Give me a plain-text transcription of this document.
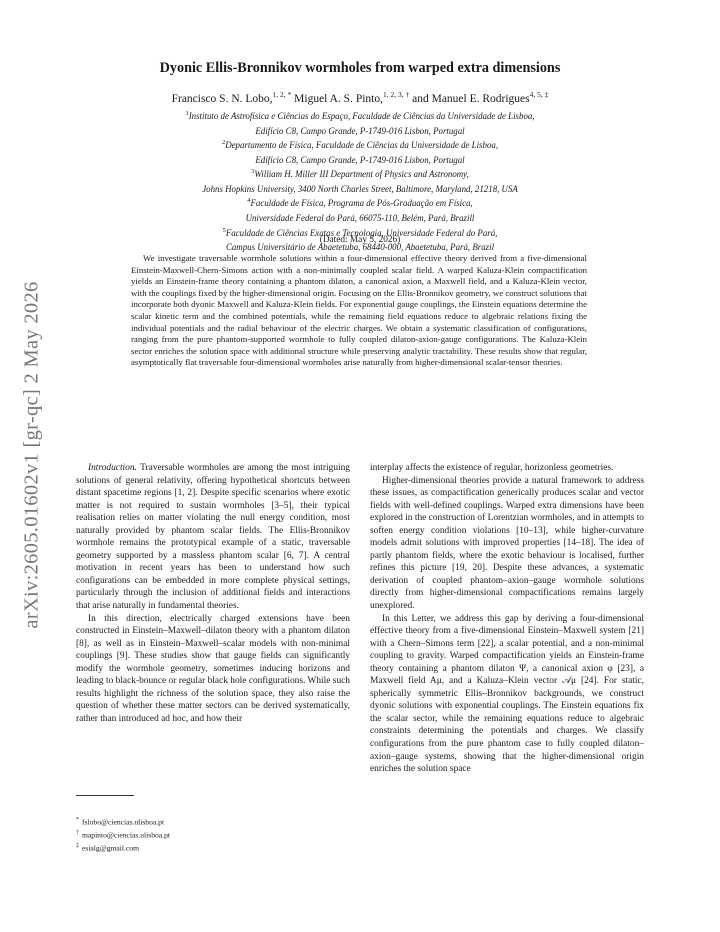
arXiv:2605.01602v1 [gr-qc] 2 May 2026
Dyonic Ellis-Bronnikov wormholes from warped extra dimensions
Francisco S. N. Lobo,$^{1, 2, *}$ Miguel A. S. Pinto,$^{1, 2, 3, \dagger}$ and Manuel E. Rodrigues$^{4, 5, \ddagger}$
$^1$Instituto de Astrofísica e Ciências do Espaço, Faculdade de Ciências da Universidade de Lisboa,
Edifício C8, Campo Grande, P-1749-016 Lisbon, Portugal
$^2$Departamento de Física, Faculdade de Ciências da Universidade de Lisboa,
Edifício C8, Campo Grande, P-1749-016 Lisbon, Portugal
$^3$William H. Miller III Department of Physics and Astronomy,
Johns Hopkins University, 3400 North Charles Street, Baltimore, Maryland, 21218, USA
$^4$Faculdade de Física, Programa de Pós-Graduação em Física,
Universidade Federal do Pará, 66075-110, Belém, Pará, Brazill
$^5$Faculdade de Ciências Exatas e Tecnologia, Universidade Federal do Pará,
Campus Universitário de Abaetetuba, 68440-000, Abaetetuba, Pará, Brazil
(Dated: May 5, 2026)
We investigate traversable wormhole solutions within a four-dimensional effective theory derived from a five-dimensional Einstein-Maxwell-Chern-Simons action with a non-minimally coupled scalar field. A warped Kaluza-Klein compactification yields an Einstein-frame theory containing a phantom dilaton, a canonical axion, a Maxwell field, and a Kaluza-Klein vector, with the couplings fixed by the higher-dimensional origin. Focusing on the Ellis-Bronnikov geometry, we construct solutions that incorporate both dyonic Maxwell and Kaluza-Klein fields. For exponential gauge couplings, the Einstein equations determine the scalar kinetic term and the combined potentials, while the remaining field equations reduce to algebraic relations fixing the individual potentials and the radial behaviour of the electric charges. We obtain a systematic classification of configurations, ranging from the pure phantom-supported wormhole to fully coupled dilaton-axion-gauge configurations. The Kaluza-Klein sector enriches the solution space with additional structure while preserving analytic tractability. These results show that regular, asymptotically flat traversable four-dimensional wormholes arise naturally from higher-dimensional scalar-tensor theories.

Introduction. Traversable wormholes are among the most intriguing solutions of general relativity, offering hypothetical shortcuts between distant spacetime regions [1, 2]. Despite specific scenarios where exotic matter is not required to sustain wormholes [3–5], their typical realisation relies on matter violating the null energy condition, most naturally provided by phantom scalar fields. The Ellis-Bronnikov wormhole remains the prototypical example of a static, traversable geometry supported by a massless phantom scalar [6, 7]. A central motivation in recent years has been to understand how such configurations can be embedded in more complete physical settings, particularly through the inclusion of additional fields and interactions that arise naturally in fundamental theories.

In this direction, electrically charged extensions have been constructed in Einstein–Maxwell–dilaton theory with a phantom dilaton [8], as well as in Einstein–Maxwell–scalar models with non-minimal couplings [9]. These studies show that gauge fields can significantly modify the wormhole geometry, sometimes inducing horizons and leading to black-bounce or regular black hole configurations. While such results highlight the richness of the solution space, they also raise the question of whether these matter sectors can be derived systematically, rather than introduced ad hoc, and how their

interplay affects the existence of regular, horizonless geometries.

Higher-dimensional theories provide a natural framework to address these issues, as compactification generically produces scalar and vector fields with well-defined couplings. Warped extra dimensions have been explored in the construction of Lorentzian wormholes, and in attempts to soften energy condition violations [10–13], while higher-curvature models admit solutions with improved properties [14–18]. The idea of partly phantom fields, where the exotic behaviour is localised, further refines this picture [19, 20]. Despite these advances, a systematic derivation of coupled phantom–axion–gauge wormhole solutions directly from higher-dimensional compactifications remains largely unexplored.

In this Letter, we address this gap by deriving a four-dimensional effective theory from a five-dimensional Einstein–Maxwell system [21] with a Chern–Simons term [22], a scalar potential, and a non-minimal coupling to gravity. Warped compactification yields an Einstein-frame theory containing a phantom dilaton Ψ, a canonical axion φ [23], a Maxwell field Aμ, and a Kaluza–Klein vector 𝒜μ [24]. For static, spherically symmetric Ellis–Bronnikov backgrounds, we construct dyonic solutions with exponential couplings. The Einstein equations fix the scalar sector, while the remaining equations reduce to algebraic constraints determining the potentials and charges. We classify configurations from the pure phantom case to fully coupled dilaton–axion–gauge systems, showing that the higher-dimensional origin enriches the solution space

* fslobo@ciencias.ulisboa.pt
† mapinto@ciencias.ulisboa.pt
‡ esialg@gmail.com
